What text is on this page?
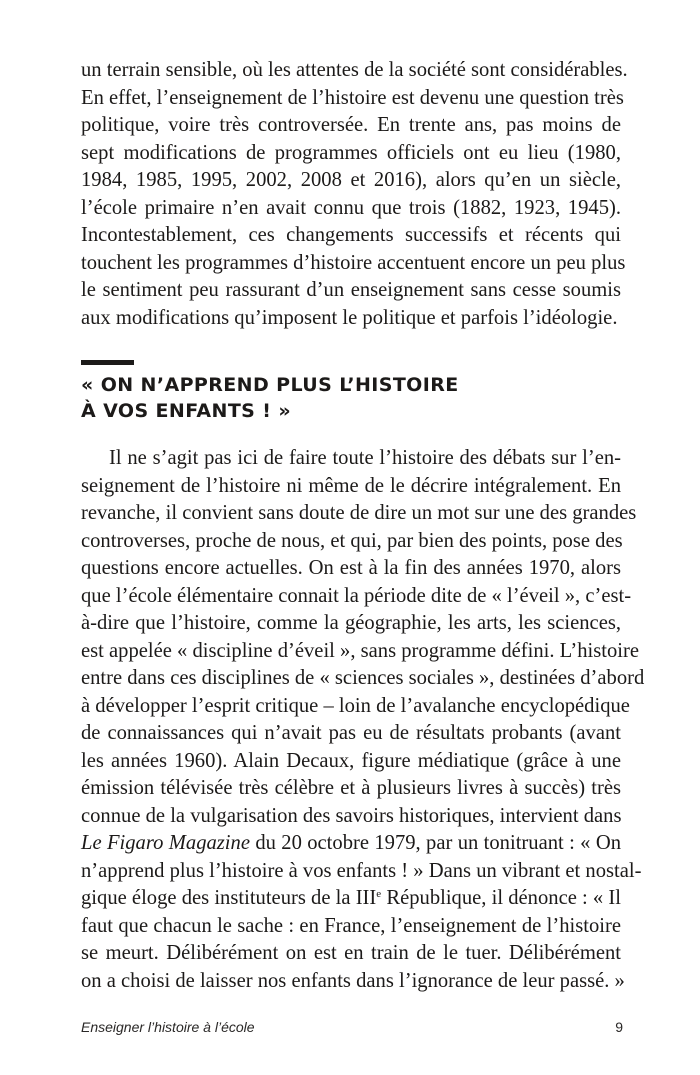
un terrain sensible, où les attentes de la société sont considérables.
En effet, l’enseignement de l’histoire est devenu une question très
politique, voire très controversée. En trente ans, pas moins de
sept modifications de programmes officiels ont eu lieu (1980,
1984, 1985, 1995, 2002, 2008 et 2016), alors qu’en un siècle,
l’école primaire n’en avait connu que trois (1882, 1923, 1945).
Incontestablement, ces changements successifs et récents qui
touchent les programmes d’histoire accentuent encore un peu plus
le sentiment peu rassurant d’un enseignement sans cesse soumis
aux modifications qu’imposent le politique et parfois l’idéologie.
« ON N’APPREND PLUS L’HISTOIRE
À VOS ENFANTS ! »
Il ne s’agit pas ici de faire toute l’histoire des débats sur l’en-
seignement de l’histoire ni même de le décrire intégralement. En
revanche, il convient sans doute de dire un mot sur une des grandes
controverses, proche de nous, et qui, par bien des points, pose des
questions encore actuelles. On est à la fin des années 1970, alors
que l’école élémentaire connait la période dite de « l’éveil », c’est-
à-dire que l’histoire, comme la géographie, les arts, les sciences,
est appelée « discipline d’éveil », sans programme défini. L’histoire
entre dans ces disciplines de « sciences sociales », destinées d’abord
à développer l’esprit critique – loin de l’avalanche encyclopédique
de connaissances qui n’avait pas eu de résultats probants (avant
les années 1960). Alain Decaux, figure médiatique (grâce à une
émission télévisée très célèbre et à plusieurs livres à succès) très
connue de la vulgarisation des savoirs historiques, intervient dans
Le Figaro Magazine du 20 octobre 1979, par un tonitruant : « On
n’apprend plus l’histoire à vos enfants ! » Dans un vibrant et nostal-
gique éloge des instituteurs de la IIIe République, il dénonce : « Il
faut que chacun le sache : en France, l’enseignement de l’histoire
se meurt. Délibérément on est en train de le tuer. Délibérément
on a choisi de laisser nos enfants dans l’ignorance de leur passé. »
Enseigner l’histoire à l’école	9
